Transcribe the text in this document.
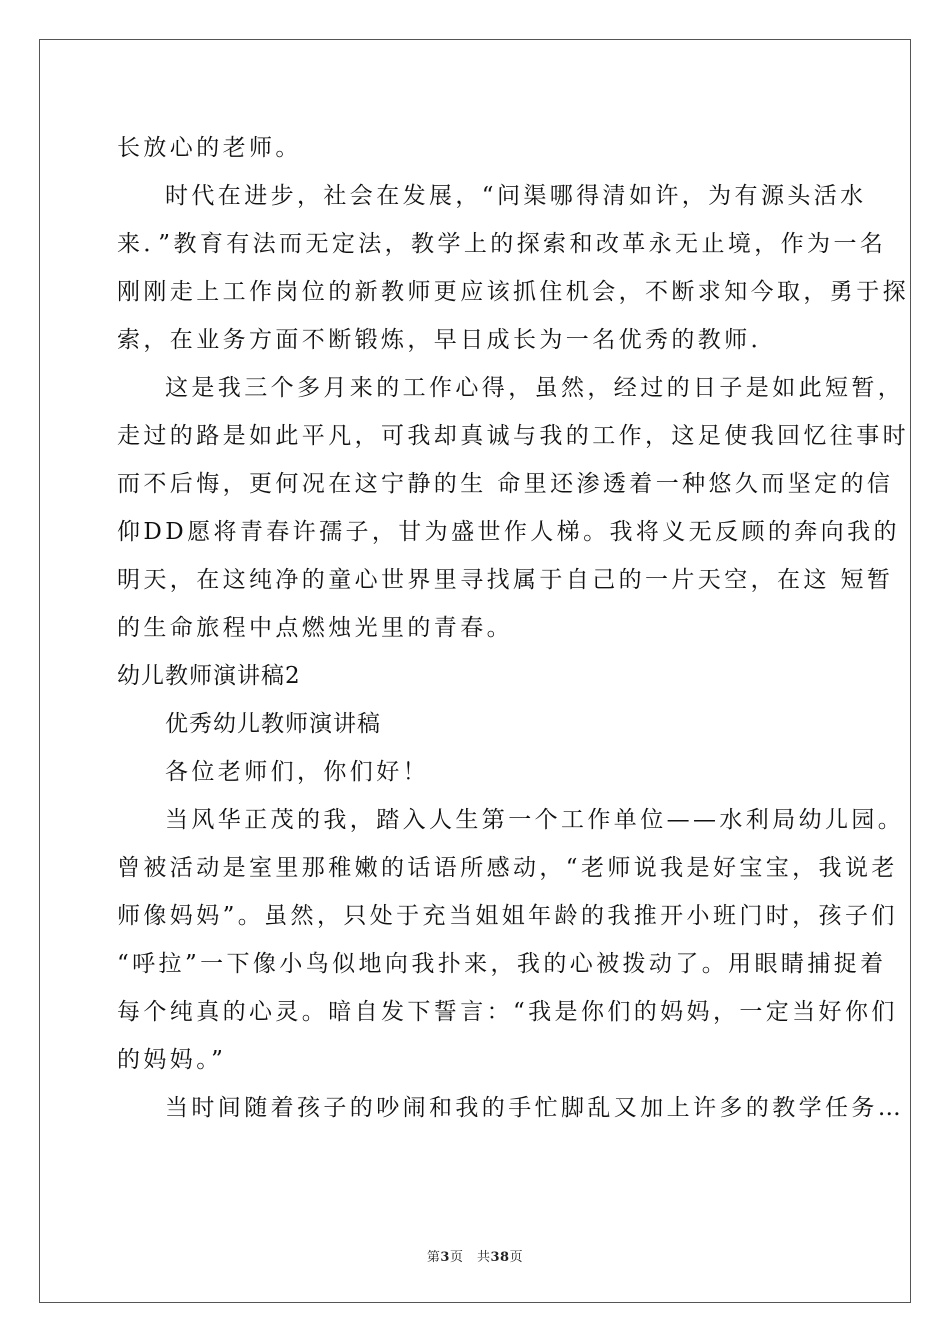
长放心的老师。
时代在进步，社会在发展，“问渠哪得清如许，为有源头活水
来．”教育有法而无定法，教学上的探索和改革永无止境，作为一名
刚刚走上工作岗位的新教师更应该抓住机会，不断求知今取，勇于探
索，在业务方面不断锻炼，早日成长为一名优秀的教师．
这是我三个多月来的工作心得，虽然，经过的日子是如此短暂，
走过的路是如此平凡，可我却真诚与我的工作，这足使我回忆往事时
而不后悔，更何况在这宁静的生 命里还渗透着一种悠久而坚定的信
仰DD愿将青春许孺子，甘为盛世作人梯。我将义无反顾的奔向我的
明天，在这纯净的童心世界里寻找属于自己的一片天空，在这 短暂
的生命旅程中点燃烛光里的青春。
幼儿教师演讲稿2
优秀幼儿教师演讲稿
各位老师们，你们好！
当风华正茂的我，踏入人生第一个工作单位——水利局幼儿园。
曾被活动是室里那稚嫩的话语所感动，“老师说我是好宝宝，我说老
师像妈妈”。虽然，只处于充当姐姐年龄的我推开小班门时，孩子们
“呼拉”一下像小鸟似地向我扑来，我的心被拨动了。用眼睛捕捉着
每个纯真的心灵。暗自发下誓言：“我是你们的妈妈，一定当好你们
的妈妈。”
当时间随着孩子的吵闹和我的手忙脚乱又加上许多的教学任务…
第3页　共38页
